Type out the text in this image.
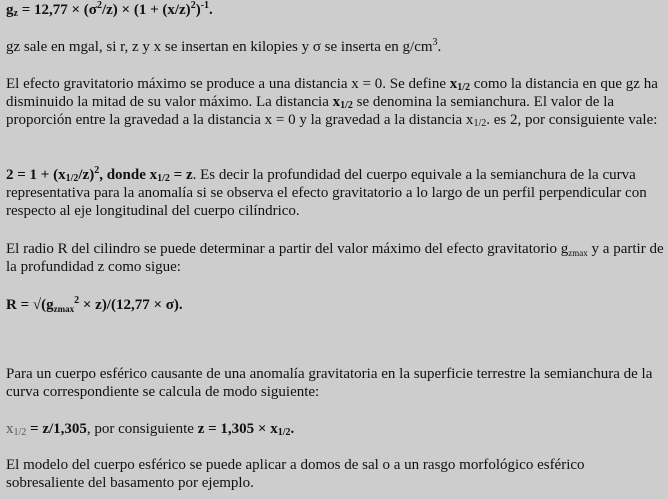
$g_z = 12,77 \times (\sigma^2/z) \times (1 + (x/z)^2)^{-1}$.

gz sale en mgal, si r, z y x se insertan en kilopies y σ se inserta en $g/cm^3$.

El efecto gravitatorio máximo se produce a una distancia x = 0. Se define $x_{1/2}$ como la distancia en que gz ha disminuido la mitad de su valor máximo. La distancia $x_{1/2}$ se denomina la semianchura. El valor de la proporción entre la gravedad a la distancia x = 0 y la gravedad a la distancia $x_{1/2}$. es 2, por consiguiente vale:

$2 = 1 + (x_{1/2}/z)^2$, donde $x_{1/2} = z$. Es decir la profundidad del cuerpo equivale a la semianchura de la curva representativa para la anomalía si se observa el efecto gravitatorio a lo largo de un perfil perpendicular con respecto al eje longitudinal del cuerpo cilíndrico.

El radio R del cilindro se puede determinar a partir del valor máximo del efecto gravitatorio $g_{zmax}$ y a partir de la profundidad z como sigue:

$R = √(g_{zmax}^2 \times z)/(12,77 \times \sigma)$.

Para un cuerpo esférico causante de una anomalía gravitatoria en la superficie terrestre la semianchura de la curva correspondiente se calcula de modo siguiente:

$x_{1/2} = z/1,305$, por consiguiente $z = 1,305 \times x_{1/2}$.

El modelo del cuerpo esférico se puede aplicar a domos de sal o a un rasgo morfológico esférico sobresaliente del basamento por ejemplo.
